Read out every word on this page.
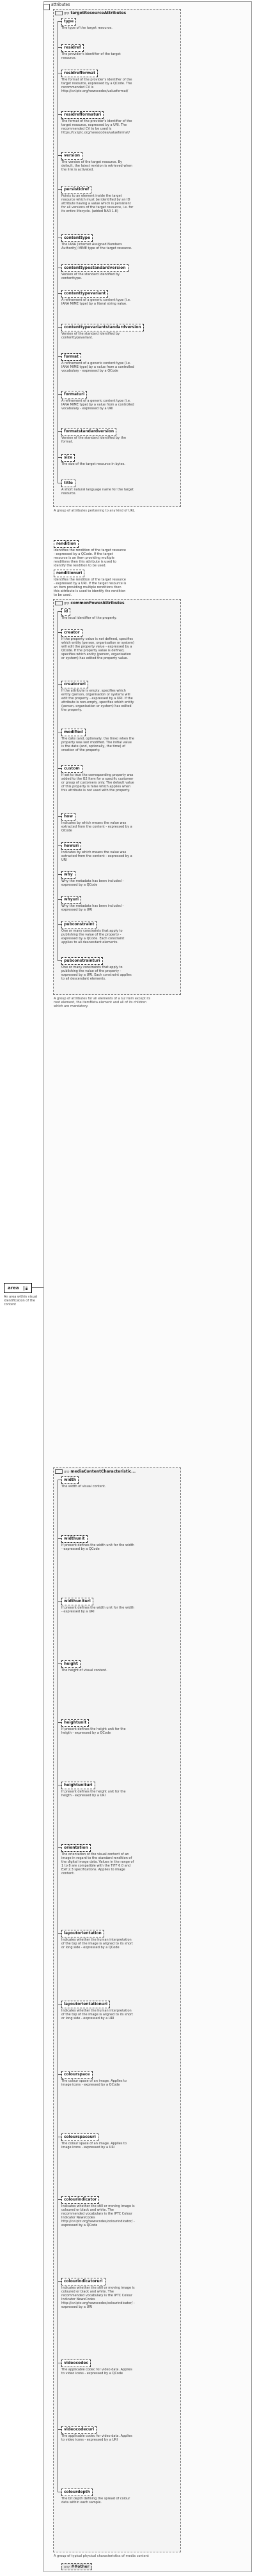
area
An area within visual identification of the content
attributes
grp targetResourceAttributes
A group of attributes pertaining to any kind of URL
type
The type of the target resource.
residref
The provider's identifier of the target resource.
residrefformat
The format of the provider's identifier of the target resource, expressed by a QCode. The recommended CV is http://cv.iptc.org/newscodes/valueformat/
residrefformaturi
The format of the provider's identifier of the target resource, expressed by a URI. The recommended CV to be used is https://cv.iptc.org/newscodes/valueformat/
version
The version of the target resource. By default, the latest revision is retrieved when the link is activated.
persistidref
Points to an element inside the target resource which must be identified by an ID attribute having a value which is persistent for all versions of the target resource, i.e. for its entire lifecycle. (added NAR 1.8)
contenttype
The IANA (Internet Assigned Numbers Authority) MIME type of the target resource.
contenttypestandardversion
Version of the standard identified by contenttype.
contenttypevariant
A refinement of a generic content type (i.e. IANA MIME type) by a literal string value.
contenttypevariantstandardversion
Version of the standard identified by contenttypevariant.
format
A refinement of a generic content type (i.e. IANA MIME type) by a value from a controlled vocabulary - expressed by a QCode
formaturi
A refinement of a generic content type (i.e. IANA MIME type) by a value from a controlled vocabulary - expressed by a URI
formatstandardversion
Version of the standard identified by the format.
size
The size of the target resource in bytes.
title
A short natural language name for the target resource.
rendition
Identifies the rendition of the target resource - expressed by a QCode. If the target resource is an item providing multiple renditions then this attribute is used to identify the rendition to be used.
renditionuri
Identifies the rendition of the target resource - expressed by a URI. If the target resource is an item providing multiple renditions then this attribute is used to identify the rendition to be used.
grp commonPowerAttributes
A group of attributes for all elements of a G2 Item except its root element, the itemMeta element and all of its children which are mandatory.
id
The local identifier of the property.
creator
If the property value is not defined, specifies which entity (person, organisation or system) will edit the property value - expressed by a QCode. If the property value is defined, specifies which entity (person, organisation or system) has edited the property value.
creatoruri
If the attribute is empty, specifies which entity (person, organisation or system) will edit the property - expressed by a URI. If the attribute is non-empty, specifies which entity (person, organisation or system) has edited the property.
modified
The date (and, optionally, the time) when the property was last modified. The initial value is the date (and, optionally, the time) of creation of the property.
custom
If set to true the corresponding property was added to the G2 Item for a specific customer or group of customers only. The default value of this property is false which applies when this attribute is not used with the property.
how
Indicates by which means the value was extracted from the content - expressed by a QCode
howuri
Indicates by which means the value was extracted from the content - expressed by a URI
why
Why the metadata has been included - expressed by a QCode
whyuri
Why the metadata has been included - expressed by a URI
pubconstraint
One or many constraints that apply to publishing the value of the property - expressed by a QCode. Each constraint applies to all descendant elements.
pubconstrainturi
One or many constraints that apply to publishing the value of the property - expressed by a URI. Each constraint applies to all descendant elements.
grp mediaContentCharacteristic...
A group of typical physical characteristics of media content
width
The width of visual content.
widthunit
If present defines the width unit for the width - expressed by a QCode
widthunituri
If present defines the width unit for the width - expressed by a URI
height
The height of visual content.
heightunit
If present defines the height unit for the heigth - expressed by a QCode
heightunituri
If present defines the height unit for the heigth - expressed by a URI
orientation
The orientation of the visual content of an image in regard to the standard rendition of the digital image data. Values in the range of 1 to 8 are compatible with the TIFF 6.0 and Exif 2.3 specifications. Applies to image content.
layoutorientation
Indicates whether the human interpretation of the top of the image is aligned to its short or long side - expressed by a QCode
layoutorientationuri
Indicates whether the human interpretation of the top of the image is aligned to its short or long side - expressed by a URI
colourspace
The colour space of an image. Applies to image icons - expressed by a QCode
colourspaceuri
The colour space of an image. Applies to image icons - expressed by a URI
colourindicator
Indicates whether the still or moving image is coloured or black and white. The recommended vocabulary is the IPTC Colour Indicator NewsCodes http://cv.iptc.org/newscodes/colourindicator/ - expressed by a QCode
colourindicatoruri
Indicates whether the still or moving image is coloured or black and white. The recommended vocabulary is the IPTC Colour Indicator NewsCodes http://cv.iptc.org/newscodes/colourindicator/ - expressed by a URI
videocodec
The applicable codec for video data. Applies to video icons - expressed by a QCode
videocodecuri
The applicable codec for video data. Applies to video icons - expressed by a URI
colourdepth
The bit depth defining the spread of colour data within each sample.
any ##other
